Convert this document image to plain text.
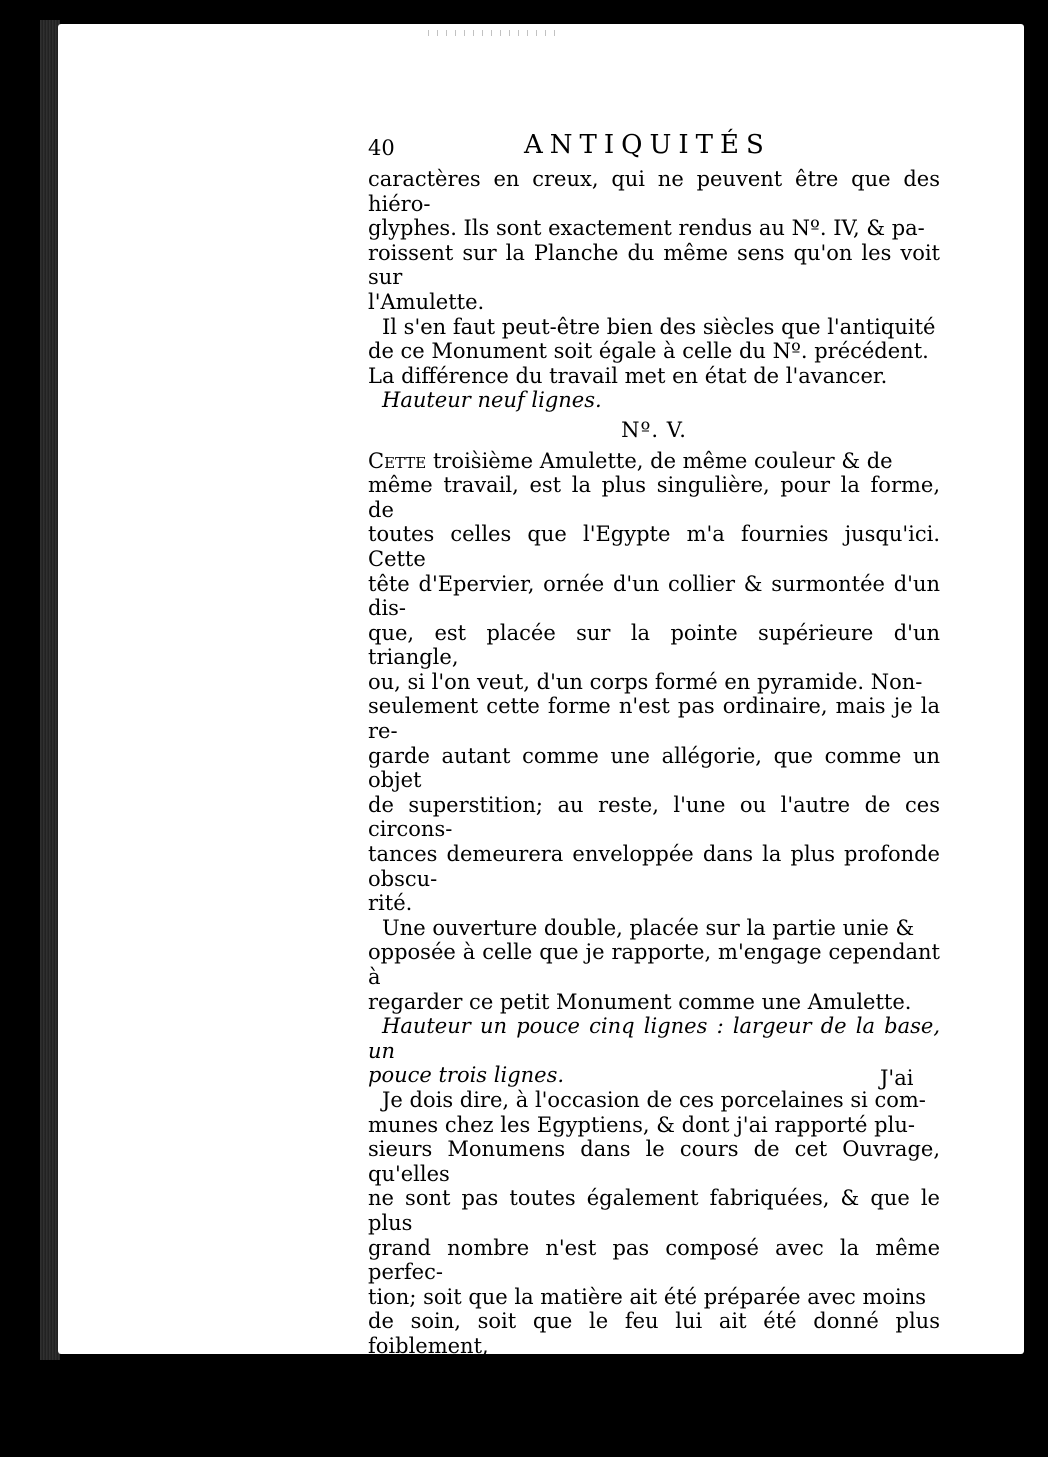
40	ANTIQUITÉS

caractères en creux, qui ne peuvent être que des hiéro-
glyphes. Ils sont exactement rendus au Nº. IV, & pa-
roissent sur la Planche du même sens qu'on les voit sur
l'Amulette.

Il s'en faut peut-être bien des siècles que l'antiquité
de ce Monument soit égale à celle du Nº. précédent.
La différence du travail met en état de l'avancer.

Hauteur neuf lignes.

Nº. V.

Cette trois̀ième Amulette, de même couleur & de
même travail, est la plus singulière, pour la forme, de
toutes celles que l'Egypte m'a fournies jusqu'ici. Cette
tête d'Epervier, ornée d'un collier & surmontée d'un dis-
que, est placée sur la pointe supérieure d'un triangle,
ou, si l'on veut, d'un corps formé en pyramide. Non-
seulement cette forme n'est pas ordinaire, mais je la re-
garde autant comme une allégorie, que comme un objet
de superstition; au reste, l'une ou l'autre de ces circons-
tances demeurera enveloppée dans la plus profonde obscu-
rité.

Une ouverture double, placée sur la partie unie &
opposée à celle que je rapporte, m'engage cependant à
regarder ce petit Monument comme une Amulette.

Hauteur un pouce cinq lignes : largeur de la base, un
pouce trois lignes.

Je dois dire, à l'occasion de ces porcelaines si com-
munes chez les Egyptiens, & dont j'ai rapporté plu-
sieurs Monumens dans le cours de cet Ouvrage, qu'elles
ne sont pas toutes également fabriquées, & que le plus
grand nombre n'est pas composé avec la même perfec-
tion; soit que la matière ait été préparée avec moins
de soin, soit que le feu lui ait été donné plus foiblement,
peut-être pour mettre le peuple en état d'acheter ces ou-
vrages à un très-bas prix. Voici la preuve de ces diffé-
rences dans les opérations.

J'ai
